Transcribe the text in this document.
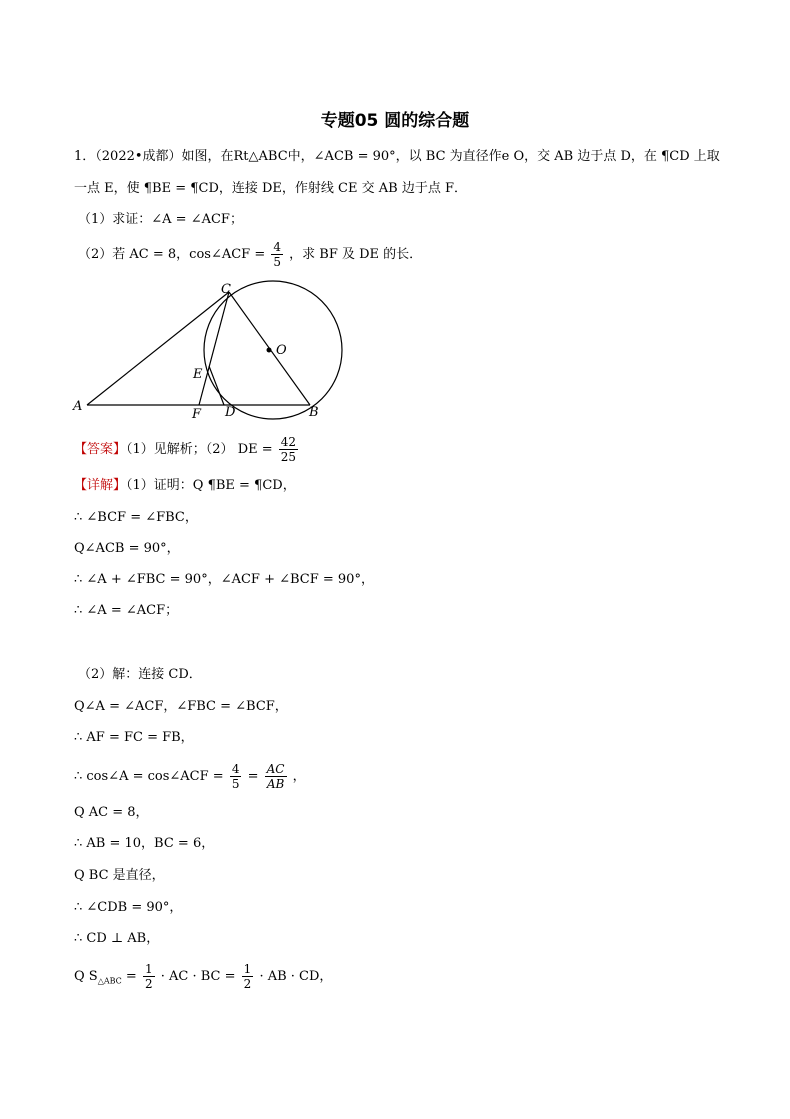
专题05 圆的综合题
1．（2022•成都）如图，在Rt△ABC中，∠ACB = 90°，以 BC 为直径作e O，交 AB 边于点 D，在 ¶CD 上取
一点 E，使 ¶BE = ¶CD，连接 DE，作射线 CE 交 AB 边于点 F．
（1）求证：∠A = ∠ACF；
（2）若 AC = 8，cos∠ACF = $\frac{4}{5}$ ，求 BF 及 DE 的长．
C
O
E
A
F D	B
【答案】（1）见解析；（2） DE = $\frac{42}{25}$
【详解】（1）证明：Q ¶BE = ¶CD，
∴ ∠BCF = ∠FBC，
Q∠ACB = 90°，
∴ ∠A + ∠FBC = 90°，∠ACF + ∠BCF = 90°，
∴ ∠A = ∠ACF；
（2）解：连接 CD．
Q∠A = ∠ACF，∠FBC = ∠BCF，
∴ AF = FC = FB，
∴ cos∠A = cos∠ACF = $\frac{4}{5} = \frac{AC}{AB}$ ，
Q AC = 8，
∴ AB = 10，BC = 6，
Q BC 是直径，
∴ ∠CDB = 90°，
∴ CD ⊥ AB，
Q $S_{\triangle ABC} = \frac{1}{2}$ · AC · BC = $\frac{1}{2}$ · AB · CD，
